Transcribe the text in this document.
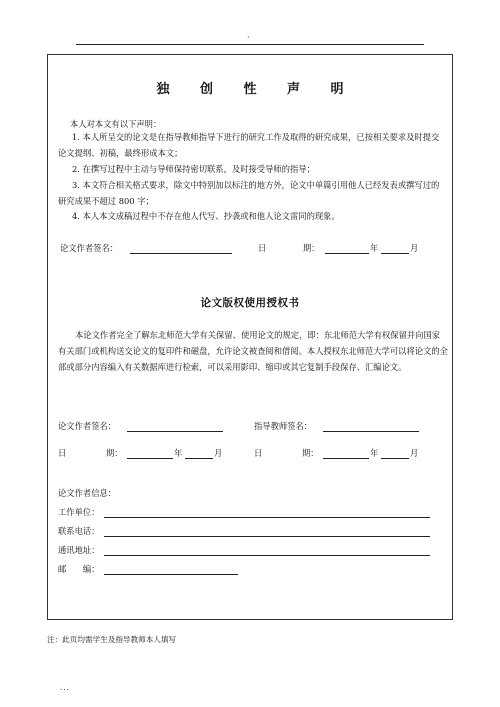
·
独 创 性 声 明
本人对本文有以下声明：
1. 本人所呈交的论文是在指导教师指导下进行的研究工作及取得的研究成果，已按相关要求及时提交论文提纲、初稿，最终形成本文；
2. 在撰写过程中主动与导师保持密切联系，及时接受导师的指导；
3. 本文符合相关格式要求，除文中特别加以标注的地方外，论文中单篇引用他人已经发表或撰写过的研究成果不超过 800 字；
4. 本人本文成稿过程中不存在他人代写、抄袭或和他人论文雷同的现象。
论文作者签名：	日	期：	年	月
论文版权使用授权书
本论文作者完全了解东北师范大学有关保留、使用论文的规定，即：东北师范大学有权保留并向国家有关部门或机构送交论文的复印件和磁盘，允许论文被查阅和借阅。本人授权东北师范大学可以将论文的全部或部分内容编入有关数据库进行检索，可以采用影印、缩印或其它复制手段保存、汇编论文。
论文作者签名：	指导教师签名：
日	期：	年	月	日	期：	年	月
论文作者信息：
工作单位：
联系电话：
通讯地址：
邮　　编：
注：此页均需学生及指导教师本人填写
...
